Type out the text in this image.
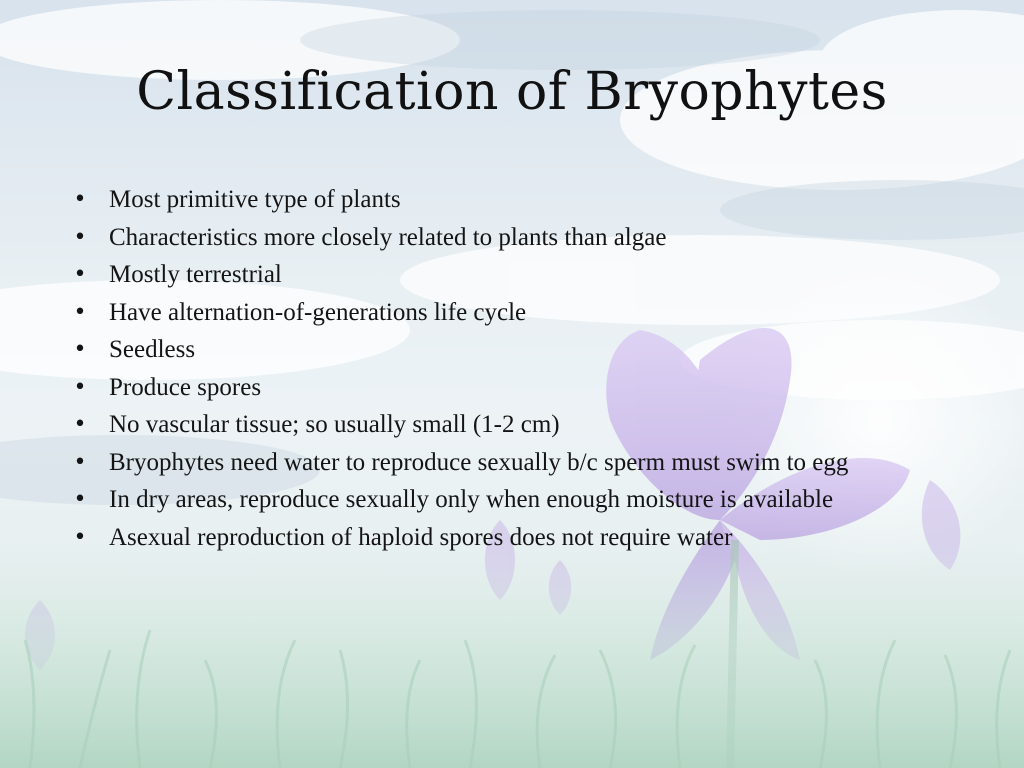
Classification of Bryophytes
• Most primitive type of plants
• Characteristics more closely related to plants than algae
• Mostly terrestrial
• Have alternation-of-generations life cycle
• Seedless
• Produce spores
• No vascular tissue; so usually small (1-2 cm)
• Bryophytes need water to reproduce sexually b/c sperm must swim to egg
• In dry areas, reproduce sexually only when enough moisture is available
• Asexual reproduction of haploid spores does not require water
